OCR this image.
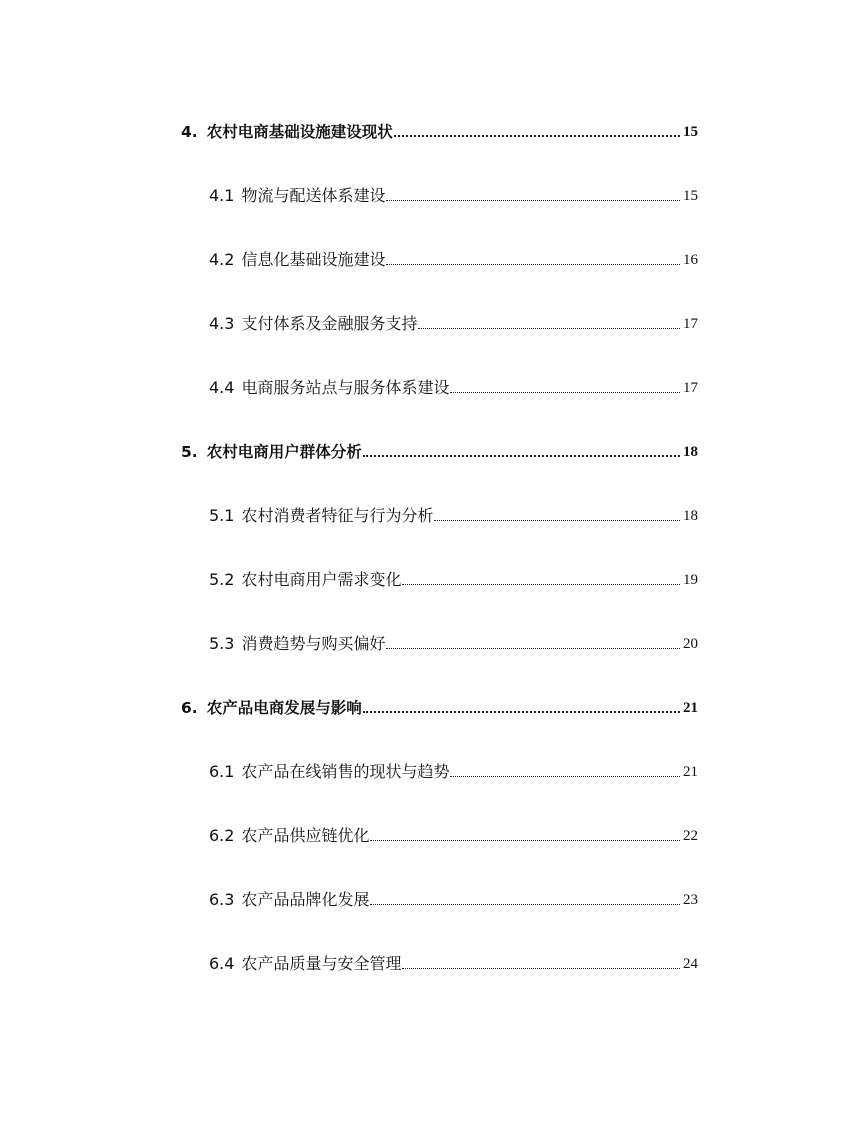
4. 农村电商基础设施建设现状	15
4.1 物流与配送体系建设	15
4.2 信息化基础设施建设	16
4.3 支付体系及金融服务支持	17
4.4 电商服务站点与服务体系建设	17
5. 农村电商用户群体分析	18
5.1 农村消费者特征与行为分析	18
5.2 农村电商用户需求变化	19
5.3 消费趋势与购买偏好	20
6. 农产品电商发展与影响	21
6.1 农产品在线销售的现状与趋势	21
6.2 农产品供应链优化	22
6.3 农产品品牌化发展	23
6.4 农产品质量与安全管理	24
